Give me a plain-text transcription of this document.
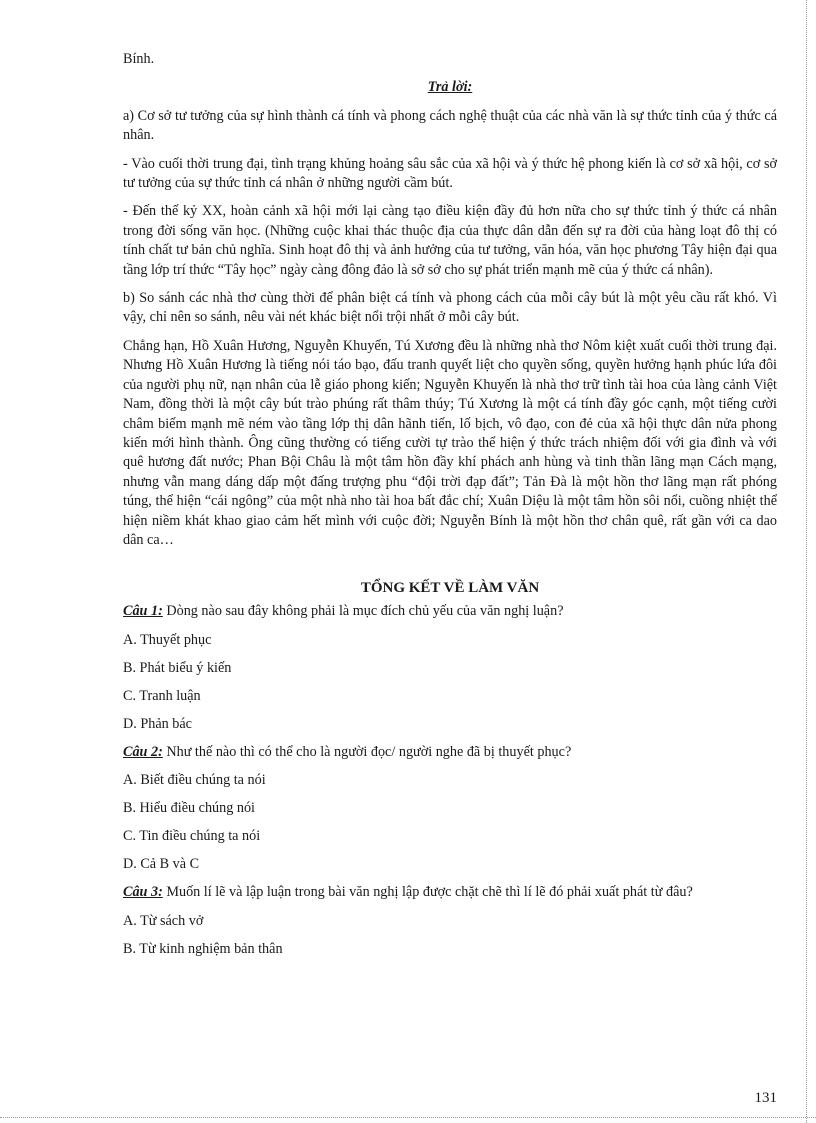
Bính.

Trả lời:

a) Cơ sở tư tưởng của sự hình thành cá tính và phong cách nghệ thuật của các nhà văn là sự thức tỉnh của ý thức cá nhân.

- Vào cuối thời trung đại, tình trạng khủng hoảng sâu sắc của xã hội và ý thức hệ phong kiến là cơ sở xã hội, cơ sở tư tưởng của sự thức tỉnh cá nhân ở những người cầm bút.

- Đến thế kỷ XX, hoàn cảnh xã hội mới lại càng tạo điều kiện đầy đủ hơn nữa cho sự thức tỉnh ý thức cá nhân trong đời sống văn học. (Những cuộc khai thác thuộc địa của thực dân dẫn đến sự ra đời của hàng loạt đô thị có tính chất tư bản chủ nghĩa. Sinh hoạt đô thị và ảnh hưởng của tư tưởng, văn hóa, văn học phương Tây hiện đại qua tầng lớp trí thức “Tây học” ngày càng đông đảo là sở sở cho sự phát triển mạnh mẽ của ý thức cá nhân).

b) So sánh các nhà thơ cùng thời để phân biệt cá tính và phong cách của mỗi cây bút là một yêu cầu rất khó. Vì vậy, chỉ nên so sánh, nêu vài nét khác biệt nổi trội nhất ở mỗi cây bút.

Chẳng hạn, Hồ Xuân Hương, Nguyễn Khuyến, Tú Xương đều là những nhà thơ Nôm kiệt xuất cuối thời trung đại. Nhưng Hồ Xuân Hương là tiếng nói táo bạo, đấu tranh quyết liệt cho quyền sống, quyền hưởng hạnh phúc lứa đôi của người phụ nữ, nạn nhân của lễ giáo phong kiến; Nguyễn Khuyến là nhà thơ trữ tình tài hoa của làng cảnh Việt Nam, đồng thời là một cây bút trào phúng rất thâm thúy; Tú Xương là một cá tính đầy góc cạnh, một tiếng cười châm biếm mạnh mẽ ném vào tầng lớp thị dân hãnh tiến, lố bịch, vô đạo, con đẻ của xã hội thực dân nửa phong kiến mới hình thành. Ông cũng thường có tiếng cười tự trào thể hiện ý thức trách nhiệm đối với gia đình và với quê hương đất nước; Phan Bội Châu là một tâm hồn đầy khí phách anh hùng và tinh thần lãng mạn Cách mạng, nhưng vẫn mang dáng dấp một đấng trượng phu “đội trời đạp đất”; Tản Đà là một hồn thơ lãng mạn rất phóng túng, thể hiện “cái ngông” của một nhà nho tài hoa bất đắc chí; Xuân Diệu là một tâm hồn sôi nổi, cuồng nhiệt thể hiện niềm khát khao giao cảm hết mình với cuộc đời; Nguyễn Bính là một hồn thơ chân quê, rất gần với ca dao dân ca…

TỔNG KẾT VỀ LÀM VĂN

Câu 1: Dòng nào sau đây không phải là mục đích chủ yếu của văn nghị luận?

A. Thuyết phục
B. Phát biểu ý kiến
C. Tranh luận
D. Phản bác

Câu 2: Như thế nào thì có thể cho là người đọc/ người nghe đã bị thuyết phục?

A. Biết điều chúng ta nói
B. Hiểu điều chúng nói
C. Tin điều chúng ta nói
D. Cả B và C

Câu 3: Muốn lí lẽ và lập luận trong bài văn nghị lập được chặt chẽ thì lí lẽ đó phải xuất phát từ đâu?

A. Từ sách vở
B. Từ kinh nghiệm bản thân
131
